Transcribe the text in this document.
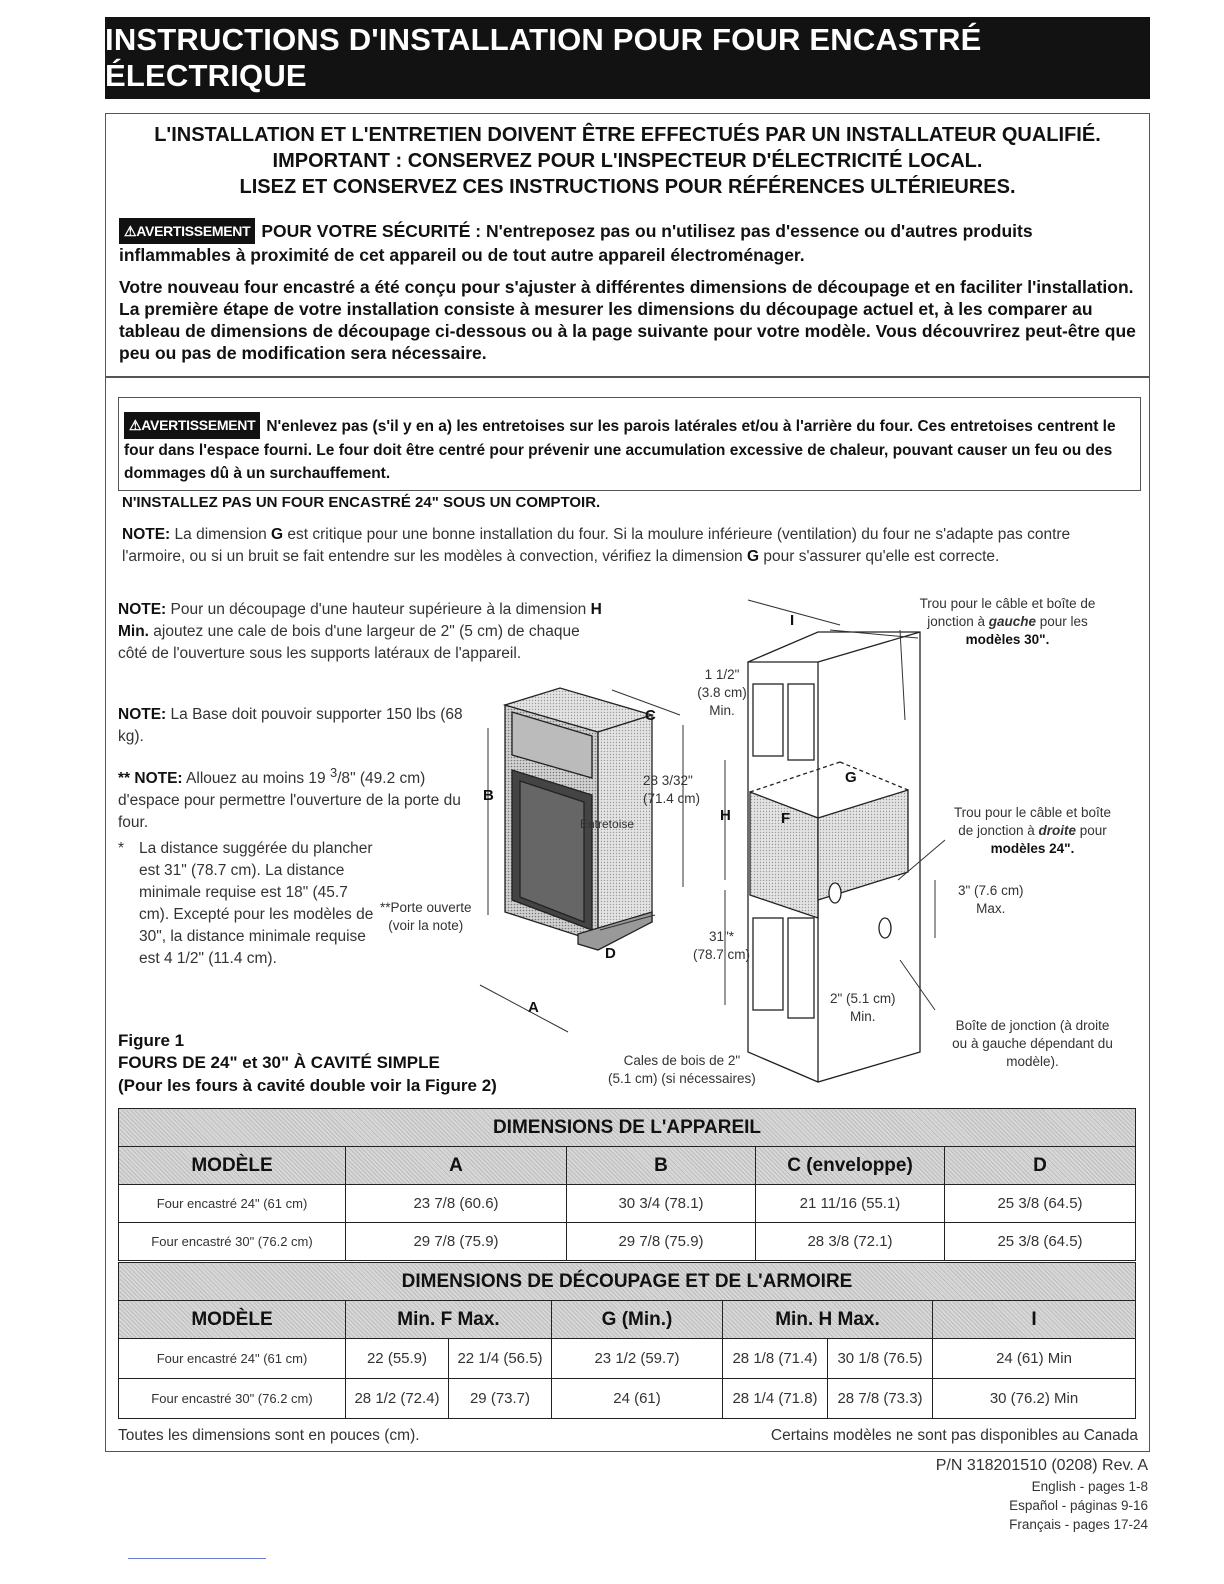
INSTRUCTIONS D'INSTALLATION POUR FOUR ENCASTRÉ ÉLECTRIQUE
L'INSTALLATION ET L'ENTRETIEN DOIVENT ÊTRE EFFECTUÉS PAR UN INSTALLATEUR QUALIFIÉ.
IMPORTANT : CONSERVEZ POUR L'INSPECTEUR D'ÉLECTRICITÉ LOCAL.
LISEZ ET CONSERVEZ CES INSTRUCTIONS POUR RÉFÉRENCES ULTÉRIEURES.
⚠AVERTISSEMENT POUR VOTRE SÉCURITÉ : N'entreposez pas ou n'utilisez pas d'essence ou d'autres produits inflammables à proximité de cet appareil ou de tout autre appareil électroménager.
Votre nouveau four encastré a été conçu pour s'ajuster à différentes dimensions de découpage et en faciliter l'installation. La première étape de votre installation consiste à mesurer les dimensions du découpage actuel et, à les comparer au tableau de dimensions de découpage ci-dessous ou à la page suivante pour votre modèle. Vous découvrirez peut-être que peu ou pas de modification sera nécessaire.
⚠AVERTISSEMENT N'enlevez pas (s'il y en a) les entretoises sur les parois latérales et/ou à l'arrière du four. Ces entretoises centrent le four dans l'espace fourni. Le four doit être centré pour prévenir une accumulation excessive de chaleur, pouvant causer un feu ou des dommages dû à un surchauffement.
N'INSTALLEZ PAS UN FOUR ENCASTRÉ 24" SOUS UN COMPTOIR.
NOTE: La dimension G est critique pour une bonne installation du four. Si la moulure inférieure (ventilation) du four ne s'adapte pas contre l'armoire, ou si un bruit se fait entendre sur les modèles à convection, vérifiez la dimension G pour s'assurer qu'elle est correcte.
NOTE: Pour un découpage d'une hauteur supérieure à la dimension H Min. ajoutez une cale de bois d'une largeur de 2" (5 cm) de chaque côté de l'ouverture sous les supports latéraux de l'appareil.
NOTE: La Base doit pouvoir supporter 150 lbs (68 kg).
** NOTE: Allouez au moins 19 $^3$/8" (49.2 cm) d'espace pour permettre l'ouverture de la porte du four.
* La distance suggérée du plancher est 31" (78.7 cm). La distance minimale requise est 18" (45.7 cm). Excepté pour les modèles de 30", la distance minimale requise est 4 1/2" (11.4 cm).
Figure 1
FOURS DE 24" et 30" À CAVITÉ SIMPLE
(Pour les fours à cavité double voir la Figure 2)
B
C
H
D
A
I
G
F
Trou pour le câble et boîte de
jonction à gauche pour les
modèles 30".
Trou pour le câble et boîte
de jonction à droite pour
modèles 24".
1 1/2"
(3.8 cm)
Min.
28 3/32"
(71.4 cm)
Entretoise
**Porte ouverte
(voir la note)
31"*
(78.7 cm)
3" (7.6 cm)
Max.
2" (5.1 cm)
Min.
Boîte de jonction (à droite
ou à gauche dépendant du
modèle).
Cales de bois de 2"
(5.1 cm) (si nécessaires)
DIMENSIONS DE L'APPAREIL				
MODÈLE	A	B	C (enveloppe)	D
Four encastré 24" (61 cm)	23 7/8 (60.6)	30 3/4 (78.1)	21 11/16 (55.1)	25 3/8 (64.5)
Four encastré 30" (76.2 cm)	29 7/8 (75.9)	29 7/8 (75.9)	28 3/8 (72.1)	25 3/8 (64.5)
DIMENSIONS DE DÉCOUPAGE ET DE L'ARMOIRE						
MODÈLE	Min. F Max.		G (Min.)	Min. H Max.		I
Four encastré 24" (61 cm)	22 (55.9)	22 1/4 (56.5)	23 1/2 (59.7)	28 1/8 (71.4)	30 1/8 (76.5)	24 (61) Min
Four encastré 30" (76.2 cm)	28 1/2 (72.4)	29 (73.7)	24 (61)	28 1/4 (71.8)	28 7/8 (73.3)	30 (76.2) Min
Toutes les dimensions sont en pouces (cm).	Certains modèles ne sont pas disponibles au Canada
P/N 318201510 (0208) Rev. A
English - pages 1-8
Español - páginas 9-16
Français - pages 17-24
